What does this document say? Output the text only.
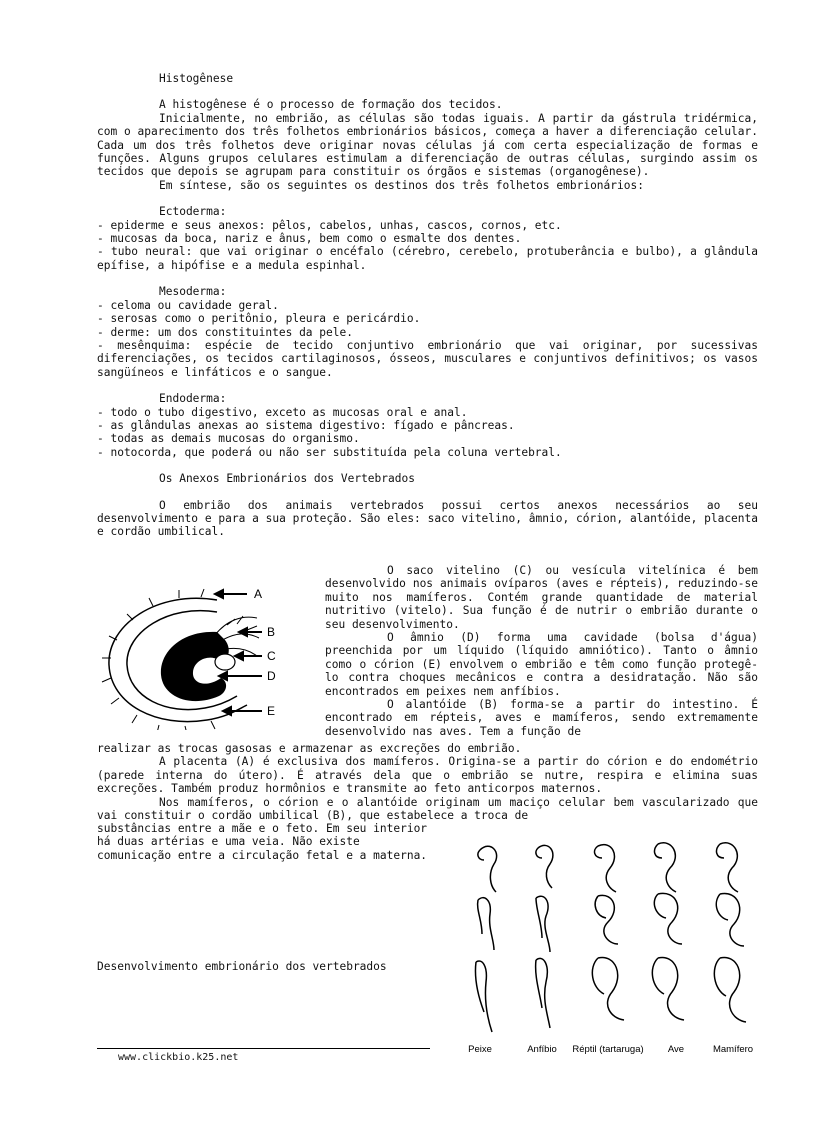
Histogênese

A histogênese é o processo de formação dos tecidos.

Inicialmente, no embrião, as células são todas iguais. A partir da gástrula tridérmica, com o aparecimento dos três folhetos embrionários básicos, começa a haver a diferenciação celular. Cada um dos três folhetos deve originar novas células já com certa especialização de formas e funções. Alguns grupos celulares estimulam a diferenciação de outras células, surgindo assim os tecidos que depois se agrupam para constituir os órgãos e sistemas (organogênese).

Em síntese, são os seguintes os destinos dos três folhetos embrionários:

Ectoderma:

- epiderme e seus anexos: pêlos, cabelos, unhas, cascos, cornos, etc.

- mucosas da boca, nariz e ânus, bem como o esmalte dos dentes.

- tubo neural: que vai originar o encéfalo (cérebro, cerebelo, protuberância e bulbo), a glândula epífise, a hipófise e a medula espinhal.

Mesoderma:

- celoma ou cavidade geral.

- serosas como o peritônio, pleura e pericárdio.

- derme: um dos constituintes da pele.

- mesênquima: espécie de tecido conjuntivo embrionário que vai originar, por sucessivas diferenciações, os tecidos cartilaginosos, ósseos, musculares e conjuntivos definitivos; os vasos sangüíneos e linfáticos e o sangue.

Endoderma:

- todo o tubo digestivo, exceto as mucosas oral e anal.

- as glândulas anexas ao sistema digestivo: fígado e pâncreas.

- todas as demais mucosas do organismo.

- notocorda, que poderá ou não ser substituída pela coluna vertebral.

Os Anexos Embrionários dos Vertebrados

O embrião dos animais vertebrados possui certos anexos necessários ao seu desenvolvimento e para a sua proteção. São eles: saco vitelino, âmnio, córion, alantóide, placenta e cordão umbilical.

A
B
C
D
E

O saco vitelino (C) ou vesícula vitelínica é bem desenvolvido nos animais ovíparos (aves e répteis), reduzindo-se muito nos mamíferos. Contém grande quantidade de material nutritivo (vitelo). Sua função é de nutrir o embrião durante o seu desenvolvimento.

O âmnio (D) forma uma cavidade (bolsa d'água) preenchida por um líquido (líquido amniótico). Tanto o âmnio como o córion (E) envolvem o embrião e têm como função protegê-lo contra choques mecânicos e contra a desidratação. Não são encontrados em peixes nem anfíbios.

O alantóide (B) forma-se a partir do intestino. É encontrado em répteis, aves e mamíferos, sendo extremamente desenvolvido nas aves. Tem a função de

realizar as trocas gasosas e armazenar as excreções do embrião.

A placenta (A) é exclusiva dos mamíferos. Origina-se a partir do córion e do endométrio (parede interna do útero). É através dela que o embrião se nutre, respira e elimina suas excreções. Também produz hormônios e transmite ao feto anticorpos maternos.

Nos mamíferos, o córion e o alantóide originam um maciço celular bem vascularizado que vai constituir o cordão umbilical (B), que estabelece a troca de

substâncias entre a mãe e o feto. Em seu interior há duas artérias e uma veia. Não existe comunicação entre a circulação fetal e a materna.

Desenvolvimento embrionário dos vertebrados
Peixe	Anfíbio Réptil (tartaruga)	Ave	Mamífero
www.clickbio.k25.net
